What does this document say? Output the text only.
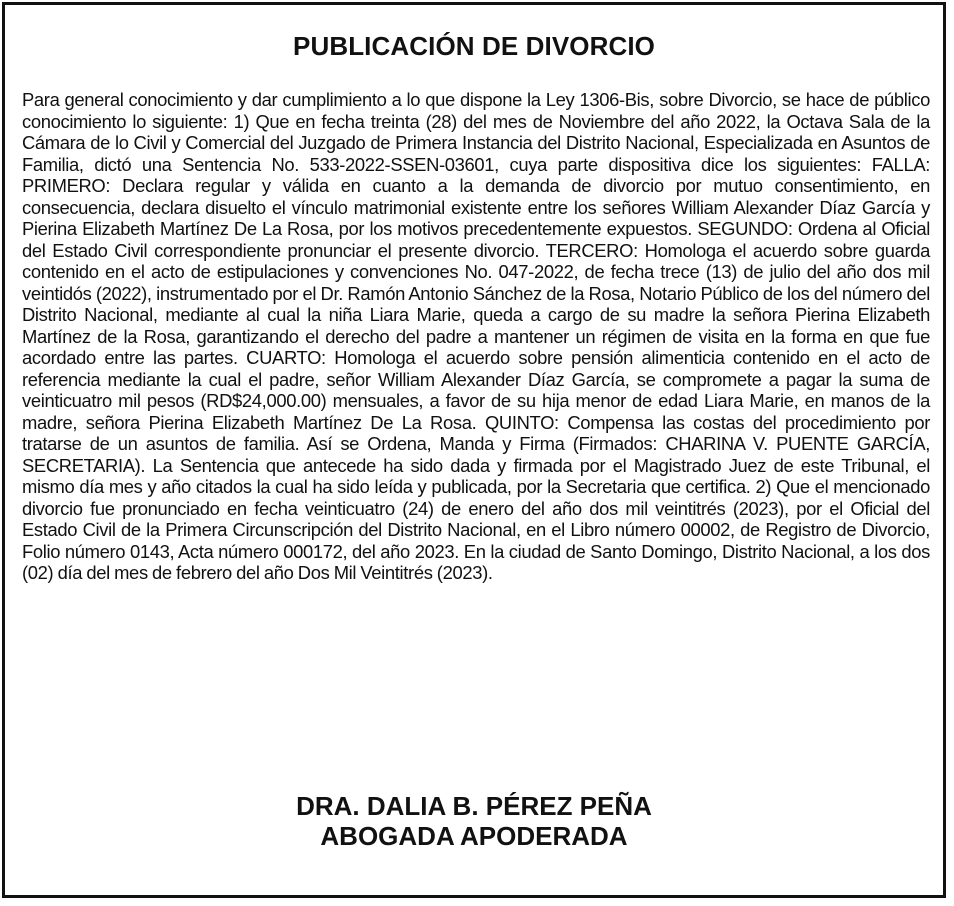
PUBLICACIÓN DE DIVORCIO

Para general conocimiento y dar cumplimiento a lo que dispone la Ley 1306-Bis, sobre Divorcio, se hace de público conocimiento lo siguiente: 1) Que en fecha treinta (28) del mes de Noviembre del año 2022, la Octava Sala de la Cámara de lo Civil y Comercial del Juzgado de Primera Instancia del Distrito Nacional, Especializada en Asuntos de Familia, dictó una Sentencia No. 533-2022-SSEN-03601, cuya parte dispositiva dice los siguientes: FALLA: PRIMERO: Declara regular y válida en cuanto a la demanda de divorcio por mutuo consentimiento, en consecuencia, declara disuelto el vínculo matrimonial existente entre los señores William Alexander Díaz García y Pierina Elizabeth Martínez De La Rosa, por los motivos precedentemente expuestos. SEGUNDO: Ordena al Oficial del Estado Civil correspondiente pronunciar el presente divorcio. TERCERO: Homologa el acuerdo sobre guarda contenido en el acto de estipulaciones y convenciones No. 047-2022, de fecha trece (13) de julio del año dos mil veintidós (2022), instrumentado por el Dr. Ramón Antonio Sánchez de la Rosa, Notario Público de los del número del Distrito Nacional, mediante al cual la niña Liara Marie, queda a cargo de su madre la señora Pierina Elizabeth Martínez de la Rosa, garantizando el derecho del padre a mantener un régimen de visita en la forma en que fue acordado entre las partes. CUARTO: Homologa el acuerdo sobre pensión alimenticia contenido en el acto de referencia mediante la cual el padre, señor William Alexander Díaz García, se compromete a pagar la suma de veinticuatro mil pesos (RD$24,000.00) mensuales, a favor de su hija menor de edad Liara Marie, en manos de la madre, señora Pierina Elizabeth Martínez De La Rosa. QUINTO: Compensa las costas del procedimiento por tratarse de un asuntos de familia. Así se Ordena, Manda y Firma (Firmados: CHARINA V. PUENTE GARCÍA, SECRETARIA). La Sentencia que antecede ha sido dada y firmada por el Magistrado Juez de este Tribunal, el mismo día mes y año citados la cual ha sido leída y publicada, por la Secretaria que certifica. 2) Que el mencionado divorcio fue pronunciado en fecha veinticuatro (24) de enero del año dos mil veintitrés (2023), por el Oficial del Estado Civil de la Primera Circunscripción del Distrito Nacional, en el Libro número 00002, de Registro de Divorcio, Folio número 0143, Acta número 000172, del año 2023. En la ciudad de Santo Domingo, Distrito Nacional, a los dos (02) día del mes de febrero del año Dos Mil Veintitrés (2023).

DRA. DALIA B. PÉREZ PEÑA
ABOGADA APODERADA
